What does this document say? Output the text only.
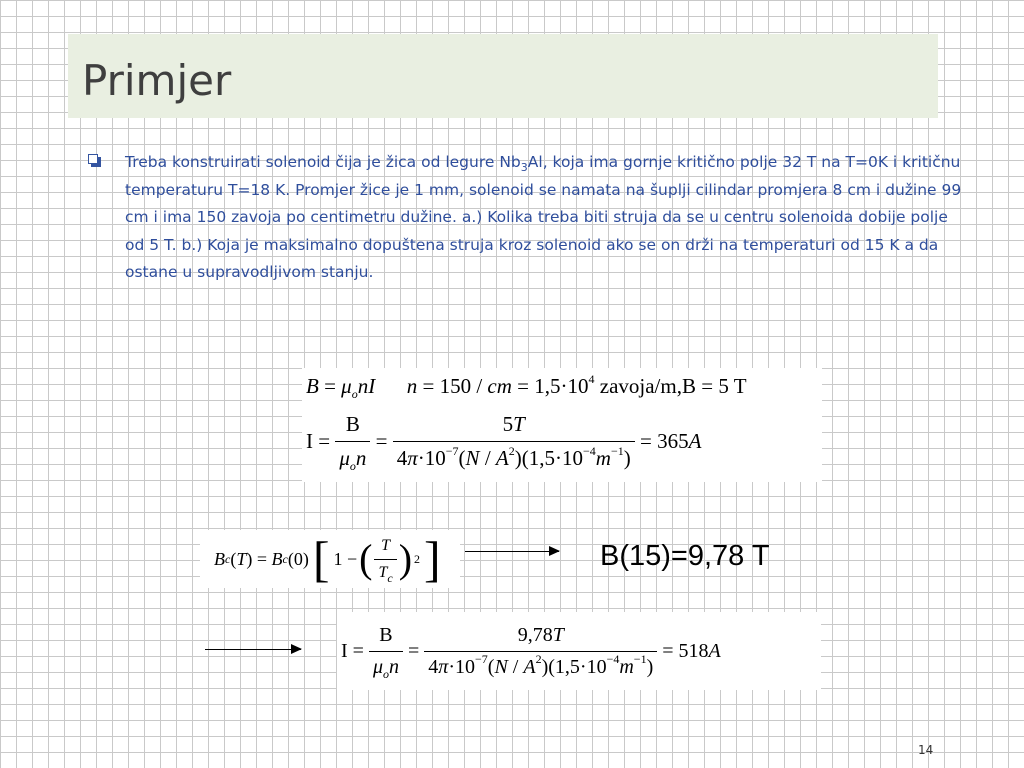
Primjer

Treba konstruirati solenoid čija je žica od legure $Nb_3Al$, koja ima gornje kritično polje 32 T na T=0K i kritičnu temperaturu T=18 K. Promjer žice je 1 mm, solenoid se namata na šuplji cilindar promjera 8 cm i dužine 99 cm i ima 150 zavoja po centimetru dužine. a.) Kolika treba biti struja da se u centru solenoida dobije polje od 5 T. b.) Koja je maksimalno dopuštena struja kroz solenoid ako se on drži na temperaturi od 15 K a da ostane u supravodljivom stanju.

$B = \mu_onI$ n = 150 / cm = $1,5\cdot 10^4$ zavoja/m,B = 5 T
$I = \frac{B}{\mu_on} = \frac{5T}{4\pi\cdot 10^{-7}(N / A^2)(1,5\cdot 10^{-4}m^{-1})} = 365A$
B c ( T ) = B c (0) [ 1 − ( $\frac{T}{T_c}$ ) 2 ]	B(15)=9,78 T

$I = \frac{B}{\mu_on} = \frac{9,78T}{4\pi\cdot 10^{-7}(N / A^2)(1,5\cdot 10^{-4}m^{-1})} = 518A$

14
